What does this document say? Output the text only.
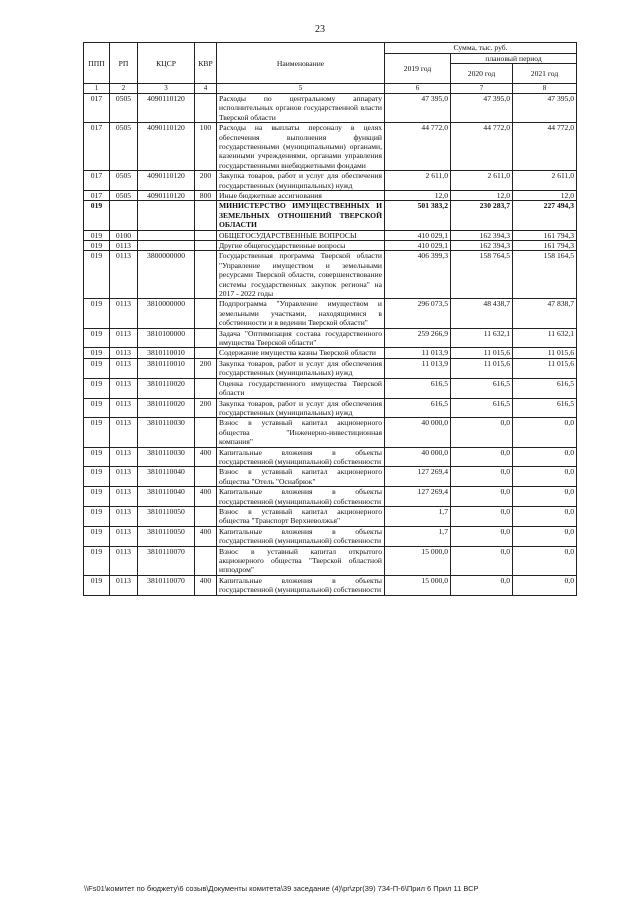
23
ППП	РП	КЦСР	КВР	Наименование	Сумма, тыс. руб.		
					2019 год	плановый период	
						2020 год	2021 год
1	2	3	4	5	6	7	8
017	0505	4090110120		Расходы по центральному аппарату исполнительных органов государственной власти Тверской области	47 395,0	47 395,0	47 395,0
017	0505	4090110120	100	Расходы на выплаты персоналу в целях обеспечения выполнения функций государственными (муниципальными) органами, казенными учреждениями, органами управления государственными внебюджетными фондами	44 772,0	44 772,0	44 772,0
017	0505	4090110120	200	Закупка товаров, работ и услуг для обеспечения государственных (муниципальных) нужд	2 611,0	2 611,0	2 611,0
017	0505	4090110120	800	Иные бюджетные ассигнования	12,0	12,0	12,0
019				МИНИСТЕРСТВО ИМУЩЕСТВЕННЫХ И ЗЕМЕЛЬНЫХ ОТНОШЕНИЙ ТВЕРСКОЙ ОБЛАСТИ	501 383,2	230 283,7	227 494,3
019	0100			ОБЩЕГОСУДАРСТВЕННЫЕ ВОПРОСЫ	410 029,1	162 394,3	161 794,3
019	0113			Другие общегосударственные вопросы	410 029,1	162 394,3	161 794,3
019	0113	3800000000		Государственная программа Тверской области "Управление имуществом и земельными ресурсами Тверской области, совершенствование системы государственных закупок региона" на 2017 - 2022 годы	406 399,3	158 764,5	158 164,5
019	0113	3810000000		Подпрограмма "Управление имуществом и земельными участками, находящимися в собственности и в ведении Тверской области"	296 073,5	48 438,7	47 838,7
019	0113	3810100000		Задача "Оптимизация состава государственного имущества Тверской области"	259 266,9	11 632,1	11 632,1
019	0113	3810110010		Содержание имущества казны Тверской области	11 013,9	11 015,6	11 015,6
019	0113	3810110010	200	Закупка товаров, работ и услуг для обеспечения государственных (муниципальных) нужд	11 013,9	11 015,6	11 015,6
019	0113	3810110020		Оценка государственного имущества Тверской области	616,5	616,5	616,5
019	0113	3810110020	200	Закупка товаров, работ и услуг для обеспечения государственных (муниципальных) нужд	616,5	616,5	616,5
019	0113	3810110030		Взнос в уставный капитал акционерного общества "Инженерно-инвестиционная компания"	40 000,0	0,0	0,0
019	0113	3810110030	400	Капитальные вложения в объекты государственной (муниципальной) собственности	40 000,0	0,0	0,0
019	0113	3810110040		Взнос в уставный капитал акционерного общества "Отель "Оснабрюк"	127 269,4	0,0	0,0
019	0113	3810110040	400	Капитальные вложения в объекты государственной (муниципальной) собственности	127 269,4	0,0	0,0
019	0113	3810110050		Взнос в уставный капитал акционерного общества "Транспорт Верхневолжья"	1,7	0,0	0,0
019	0113	3810110050	400	Капитальные вложения в объекты государственной (муниципальной) собственности	1,7	0,0	0,0
019	0113	3810110070		Взнос в уставный капитал открытого акционерного общества "Тверской областной ипподром"	15 000,0	0,0	0,0
019	0113	3810110070	400	Капитальные вложения в объекты государственной (муниципальной) собственности	15 000,0	0,0	0,0
\\Fs01\комитет по бюджету\6 созыв\Документы комитета\39 заседание (4)\pr\zpr(39) 734-П-6\Прил 6 Прил 11 ВСР
